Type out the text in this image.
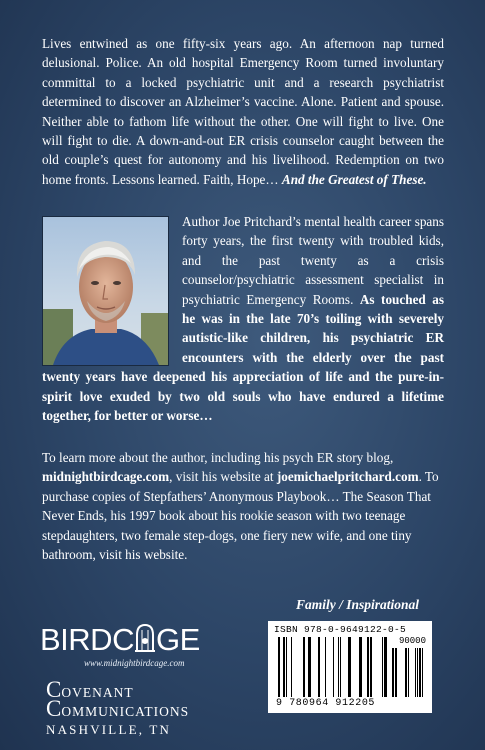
Lives entwined as one fifty-six years ago. An afternoon nap turned delusional. Police. An old hospital Emergency Room turned involuntary committal to a locked psychiatric unit and a research psychiatrist determined to discover an Alzheimer’s vaccine. Alone. Patient and spouse. Neither able to fathom life without the other. One will fight to live. One will fight to die. A down-and-out ER crisis counselor caught between the old couple’s quest for autonomy and his livelihood. Redemption on two home fronts. Lessons learned. Faith, Hope… And the Greatest of These.

Author Joe Pritchard’s mental health career spans forty years, the first twenty with troubled kids, and the past twenty as a crisis counselor/psychiatric assessment specialist in psychiatric Emergency Rooms. As touched as he was in the late 70’s toiling with severely autistic-like children, his psychiatric ER encounters with the elderly over the past twenty years have deepened his appreciation of life and the pure-in-spirit love exuded by two old souls who have endured a lifetime together, for better or worse…

To learn more about the author, including his psych ER story blog, midnightbirdcage.com, visit his website at joemichaelpritchard.com. To purchase copies of Stepfathers’ Anonymous Playbook… The Season That Never Ends, his 1997 book about his rookie season with two teenage stepdaughters, two female step-dogs, one fiery new wife, and one tiny bathroom, visit his website.

Family / Inspirational
BIRDC GE
www.midnightbirdcage.com
COVENANT
COMMUNICATIONS
NASHVILLE, TN
ISBN 978-0-9649122-0-5
90000
9 780964 912205
